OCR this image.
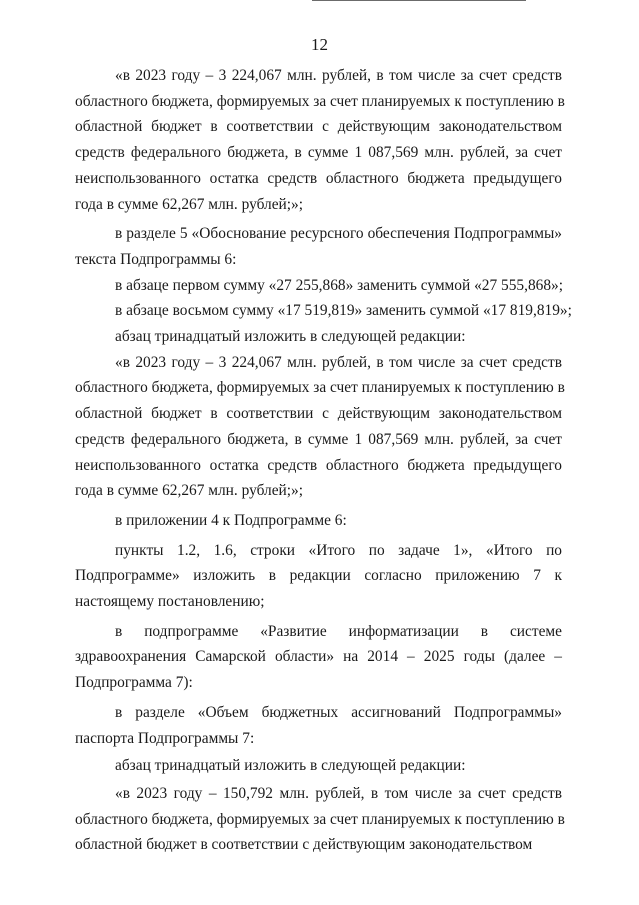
12
«в 2023 году – 3 224,067 млн. рублей, в том числе за счет средств
областного бюджета, формируемых за счет планируемых к поступлению в
областной бюджет в соответствии с действующим законодательством
средств федерального бюджета, в сумме 1 087,569 млн. рублей, за счет
неиспользованного остатка средств областного бюджета предыдущего
года в сумме 62,267 млн. рублей;»;
в разделе 5 «Обоснование ресурсного обеспечения Подпрограммы»
текста Подпрограммы 6:
в абзаце первом сумму «27 255,868» заменить суммой «27 555,868»;
в абзаце восьмом сумму «17 519,819» заменить суммой «17 819,819»;
абзац тринадцатый изложить в следующей редакции:
«в 2023 году – 3 224,067 млн. рублей, в том числе за счет средств
областного бюджета, формируемых за счет планируемых к поступлению в
областной бюджет в соответствии с действующим законодательством
средств федерального бюджета, в сумме 1 087,569 млн. рублей, за счет
неиспользованного остатка средств областного бюджета предыдущего
года в сумме 62,267 млн. рублей;»;
в приложении 4 к Подпрограмме 6:
пункты 1.2, 1.6, строки «Итого по задаче 1», «Итого по
Подпрограмме» изложить в редакции согласно приложению 7 к
настоящему постановлению;
в подпрограмме «Развитие информатизации в системе
здравоохранения Самарской области» на 2014 – 2025 годы (далее –
Подпрограмма 7):
в разделе «Объем бюджетных ассигнований Подпрограммы»
паспорта Подпрограммы 7:
абзац тринадцатый изложить в следующей редакции:
«в 2023 году – 150,792 млн. рублей, в том числе за счет средств
областного бюджета, формируемых за счет планируемых к поступлению в
областной бюджет в соответствии с действующим законодательством
